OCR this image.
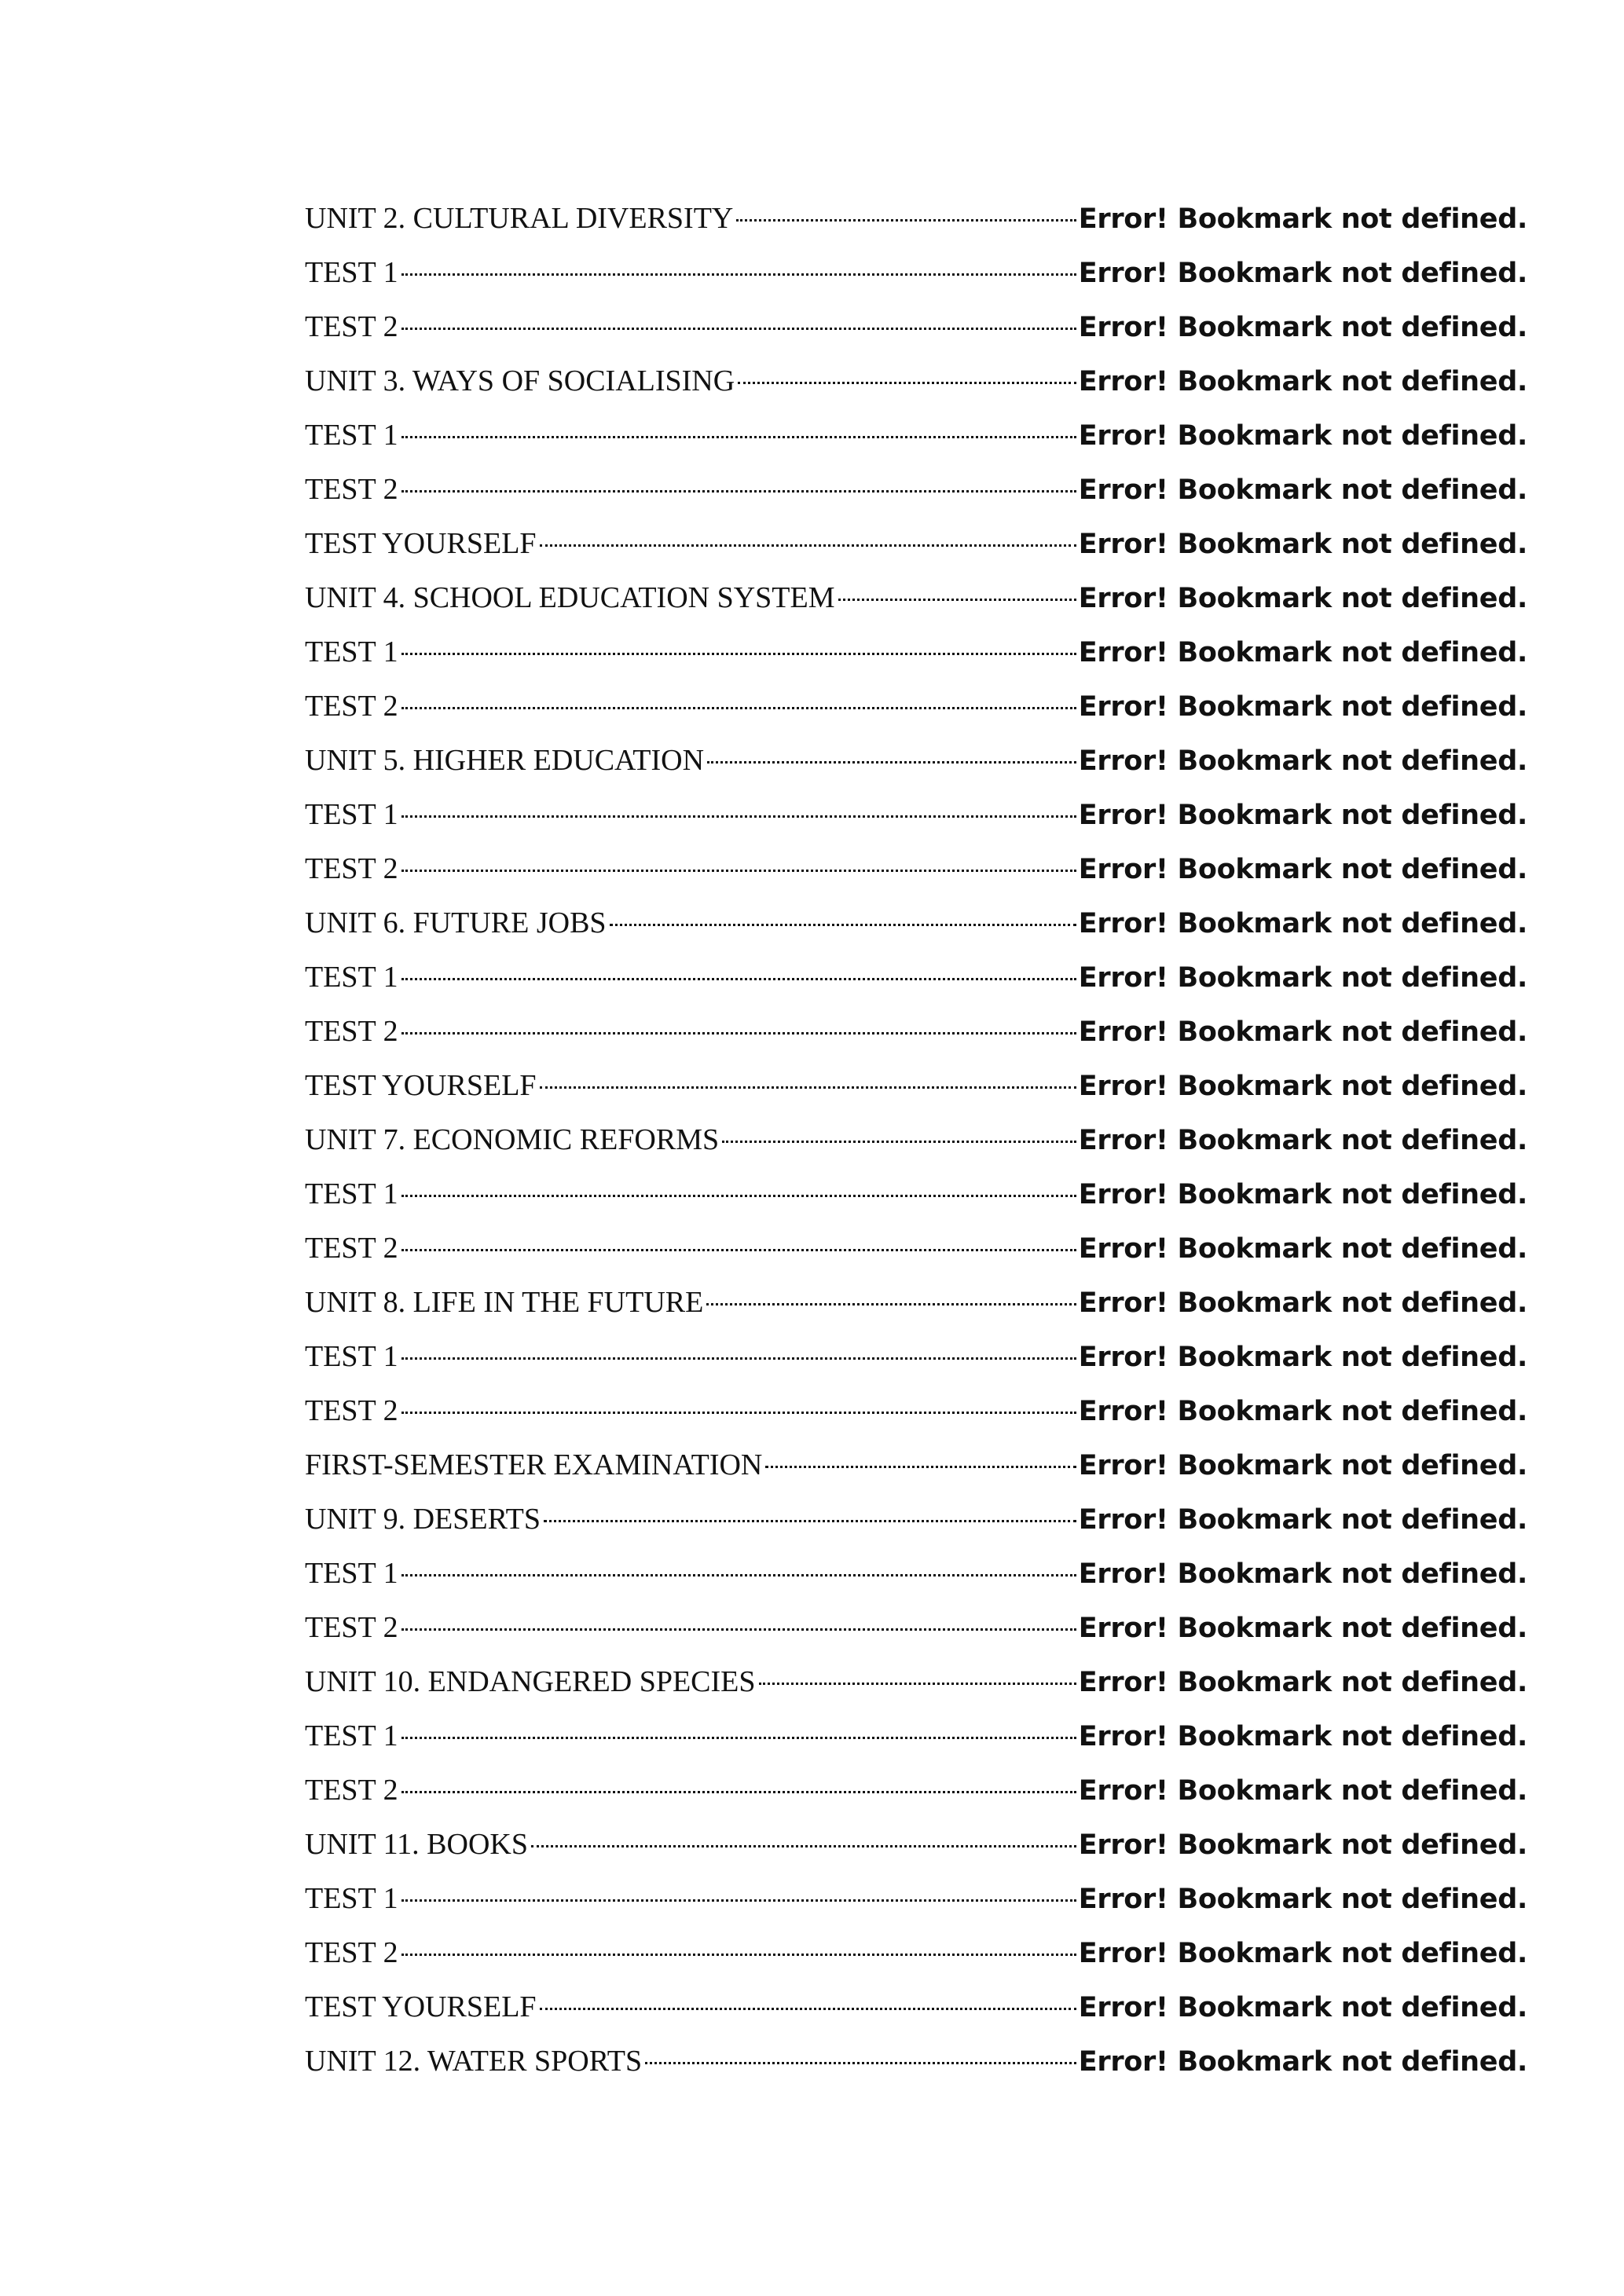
UNIT 2. CULTURAL DIVERSITY	Error! Bookmark not defined.
TEST 1	Error! Bookmark not defined.
TEST 2	Error! Bookmark not defined.
UNIT 3. WAYS OF SOCIALISING	Error! Bookmark not defined.
TEST 1	Error! Bookmark not defined.
TEST 2	Error! Bookmark not defined.
TEST YOURSELF	Error! Bookmark not defined.
UNIT 4. SCHOOL EDUCATION SYSTEM	Error! Bookmark not defined.
TEST 1	Error! Bookmark not defined.
TEST 2	Error! Bookmark not defined.
UNIT 5. HIGHER EDUCATION	Error! Bookmark not defined.
TEST 1	Error! Bookmark not defined.
TEST 2	Error! Bookmark not defined.
UNIT 6. FUTURE JOBS	Error! Bookmark not defined.
TEST 1	Error! Bookmark not defined.
TEST 2	Error! Bookmark not defined.
TEST YOURSELF	Error! Bookmark not defined.
UNIT 7. ECONOMIC REFORMS	Error! Bookmark not defined.
TEST 1	Error! Bookmark not defined.
TEST 2	Error! Bookmark not defined.
UNIT 8. LIFE IN THE FUTURE	Error! Bookmark not defined.
TEST 1	Error! Bookmark not defined.
TEST 2	Error! Bookmark not defined.
FIRST-SEMESTER EXAMINATION	Error! Bookmark not defined.
UNIT 9. DESERTS	Error! Bookmark not defined.
TEST 1	Error! Bookmark not defined.
TEST 2	Error! Bookmark not defined.
UNIT 10. ENDANGERED SPECIES	Error! Bookmark not defined.
TEST 1	Error! Bookmark not defined.
TEST 2	Error! Bookmark not defined.
UNIT 11. BOOKS	Error! Bookmark not defined.
TEST 1	Error! Bookmark not defined.
TEST 2	Error! Bookmark not defined.
TEST YOURSELF	Error! Bookmark not defined.
UNIT 12. WATER SPORTS	Error! Bookmark not defined.
